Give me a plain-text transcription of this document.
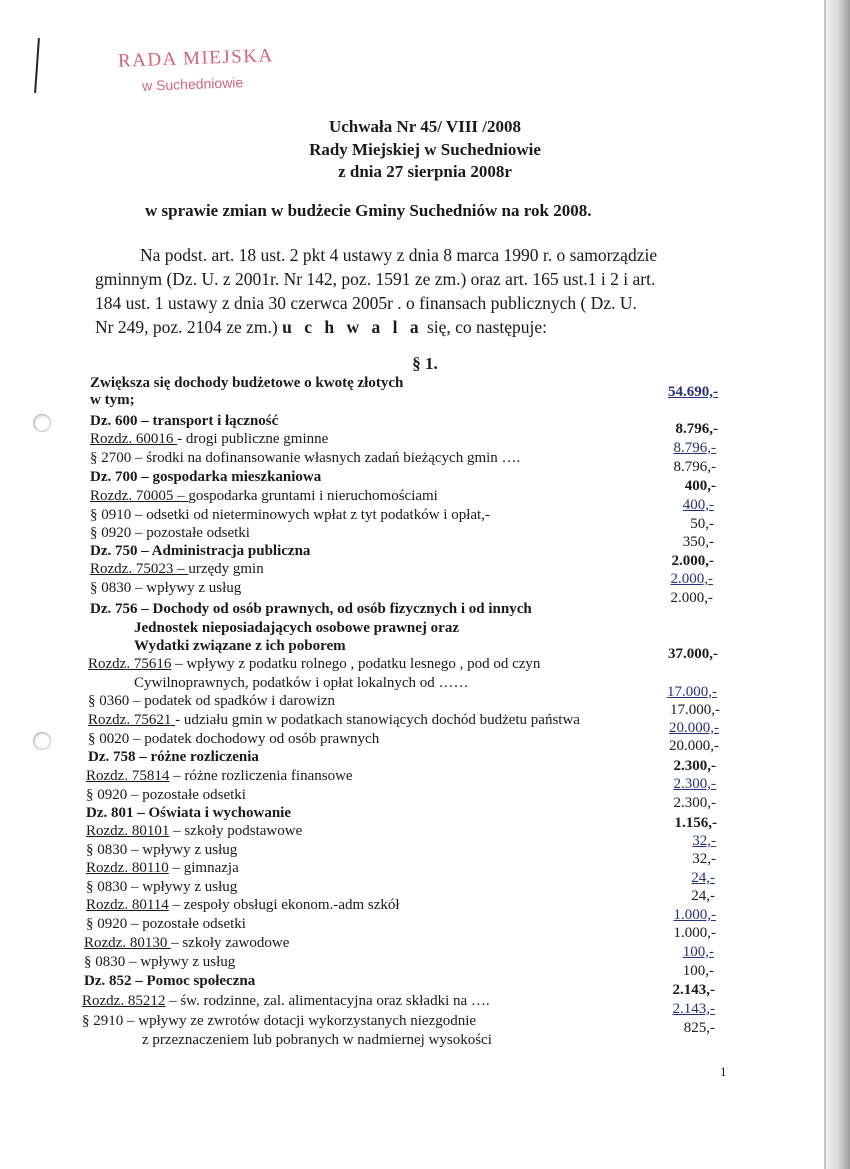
RADA MIEJSKA
w Suchedniowie
Uchwała Nr 45/ VIII /2008
Rady Miejskiej w Suchedniowie
z dnia 27 sierpnia 2008r
w sprawie zmian w budżecie Gminy Suchedniów na rok 2008.

Na podst. art. 18 ust. 2 pkt 4 ustawy z dnia 8 marca 1990 r. o samorządzie

gminnym (Dz. U. z 2001r. Nr 142, poz. 1591 ze zm.) oraz art. 165 ust.1 i 2 i art.

184 ust. 1 ustawy z dnia 30 czerwca 2005r . o finansach publicznych ( Dz. U.

Nr 249, poz. 2104 ze zm.) u c h w a l a się, co następuje:

§ 1.
Zwiększa się dochody budżetowe o kwotę złotych
w tym;
Dz. 600 – transport i łączność
Rozdz. 60016 - drogi publiczne gminne
§ 2700 – środki na dofinansowanie własnych zadań bieżących gmin ….
Dz. 700 – gospodarka mieszkaniowa
Rozdz. 70005 – gospodarka gruntami i nieruchomościami
§ 0910 – odsetki od nieterminowych wpłat z tyt podatków i opłat,-
§ 0920 – pozostałe odsetki
Dz. 750 – Administracja publiczna
Rozdz. 75023 – urzędy gmin
§ 0830 – wpływy z usług
Dz. 756 – Dochody od osób prawnych, od osób fizycznych i od innych
Jednostek nieposiadających osobowe prawnej oraz
Wydatki związane z ich poborem
Rozdz. 75616 – wpływy z podatku rolnego , podatku lesnego , pod od czyn
Cywilnoprawnych, podatków i opłat lokalnych od ……
§ 0360 – podatek od spadków i darowizn
Rozdz. 75621 - udziału gmin w podatkach stanowiących dochód budżetu państwa
§ 0020 – podatek dochodowy od osób prawnych
Dz. 758 – różne rozliczenia
Rozdz. 75814 – różne rozliczenia finansowe
§ 0920 – pozostałe odsetki
Dz. 801 – Oświata i wychowanie
Rozdz. 80101 – szkoły podstawowe
§ 0830 – wpływy z usług
Rozdz. 80110 – gimnazja
§ 0830 – wpływy z usług
Rozdz. 80114 – zespoły obsługi ekonom.-adm szkół
§ 0920 – pozostałe odsetki
Rozdz. 80130 – szkoły zawodowe
§ 0830 – wpływy z usług
Dz. 852 – Pomoc społeczna
Rozdz. 85212 – św. rodzinne, zal. alimentacyjna oraz składki na ….
§ 2910 – wpływy ze zwrotów dotacji wykorzystanych niezgodnie
z przeznaczeniem lub pobranych w nadmiernej wysokości
54.690,-
8.796,-
8.796,-
8.796,-
400,-
400,-
50,-
350,-
2.000,-
2.000,-
2.000,-
37.000,-
17.000,-
17.000,-
20.000,-
20.000,-
2.300,-
2.300,-
2.300,-
1.156,-
32,-
32,-
24,-
24,-
1.000,-
1.000,-
100,-
100,-
2.143,-
2.143,-
825,-
1
